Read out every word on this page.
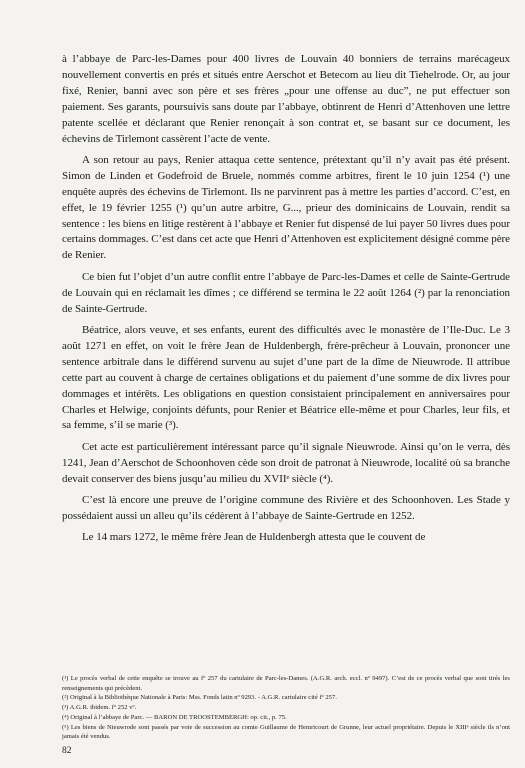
à l’abbaye de Parc-les-Dames pour 400 livres de Louvain 40 bonniers de terrains marécageux nouvellement convertis en prés et situés entre Aerschot et Betecom au lieu dit Tiehelrode. Or, au jour fixé, Renier, banni avec son père et ses frères „pour une offense au duc”, ne put effectuer son paiement. Ses garants, poursuivis sans doute par l’abbaye, obtinrent de Henri d’Attenhoven une lettre patente scellée et déclarant que Renier renonçait à son contrat et, se basant sur ce document, les échevins de Tirlemont cassèrent l’acte de vente.

A son retour au pays, Renier attaqua cette sentence, prétextant qu’il n’y avait pas été présent. Simon de Linden et Godefroid de Bruele, nommés comme arbitres, firent le 10 juin 1254 (¹) une enquête auprès des échevins de Tirlemont. Ils ne parvinrent pas à mettre les parties d’accord. C’est, en effet, le 19 février 1255 (¹) qu’un autre arbitre, G..., prieur des dominicains de Louvain, rendit sa sentence : les biens en litige restèrent à l’abbaye et Renier fut dispensé de lui payer 50 livres dues pour certains dommages. C’est dans cet acte que Henri d’Attenhoven est explicitement désigné comme père de Renier.

Ce bien fut l’objet d’un autre conflit entre l’abbaye de Parc-les-Dames et celle de Sainte-Gertrude de Louvain qui en réclamait les dîmes ; ce différend se termina le 22 août 1264 (²) par la renonciation de Sainte-Gertrude.

Béatrice, alors veuve, et ses enfants, eurent des difficultés avec le monastère de l’Ile-Duc. Le 3 août 1271 en effet, on voit le frère Jean de Huldenbergh, frère-prêcheur à Louvain, prononcer une sentence arbitrale dans le différend survenu au sujet d’une part de la dîme de Nieuwrode. Il attribue cette part au couvent à charge de certaines obligations et du paiement d’une somme de dix livres pour dommages et intérêts. Les obligations en question consistaient principalement en anniversaires pour Charles et Helwige, conjoints défunts, pour Renier et Béatrice elle-même et pour Charles, leur fils, et sa femme, s’il se marie (³).

Cet acte est particulièrement intéressant parce qu’il signale Nieuwrode. Ainsi qu’on le verra, dès 1241, Jean d’Aerschot de Schoonhoven cède son droit de patronat à Nieuwrode, localité où sa branche devait conserver des biens jusqu’au milieu du XVIIᵉ siècle (⁴).

C’est là encore une preuve de l’origine commune des Rivière et des Schoonhoven. Les Stade y possédaient aussi un alleu qu’ils cédèrent à l’abbaye de Sainte-Gertrude en 1252.

Le 14 mars 1272, le même frère Jean de Huldenbergh attesta que le couvent de

(¹) Le procès verbal de cette enquête se trouve au fº 257 du cartulaire de Parc-les-Dames. (A.G.R. arch. eccl. nº 9497). C’est de ce procès verbal que sont tirés les renseignements qui précèdent.

(²) Original à la Bibliothèque Nationale à Paris: Mss. Fonds latin nº 9293. - A.G.R. cartulaire cité fº 257.

(³) A.G.R. ibidem. fº 252 vº.

(⁴) Original à l’abbaye de Parc. — BARON DE TROOSTEMBERGH: op. cit., p. 75.

(⁵) Les biens de Nieuwrode sont passés par voie de succession au comte Guillaume de Hemricourt de Grunne, leur actuel propriétaire. Depuis le XIIIᵉ siècle ils n’ont jamais été vendus.

82
